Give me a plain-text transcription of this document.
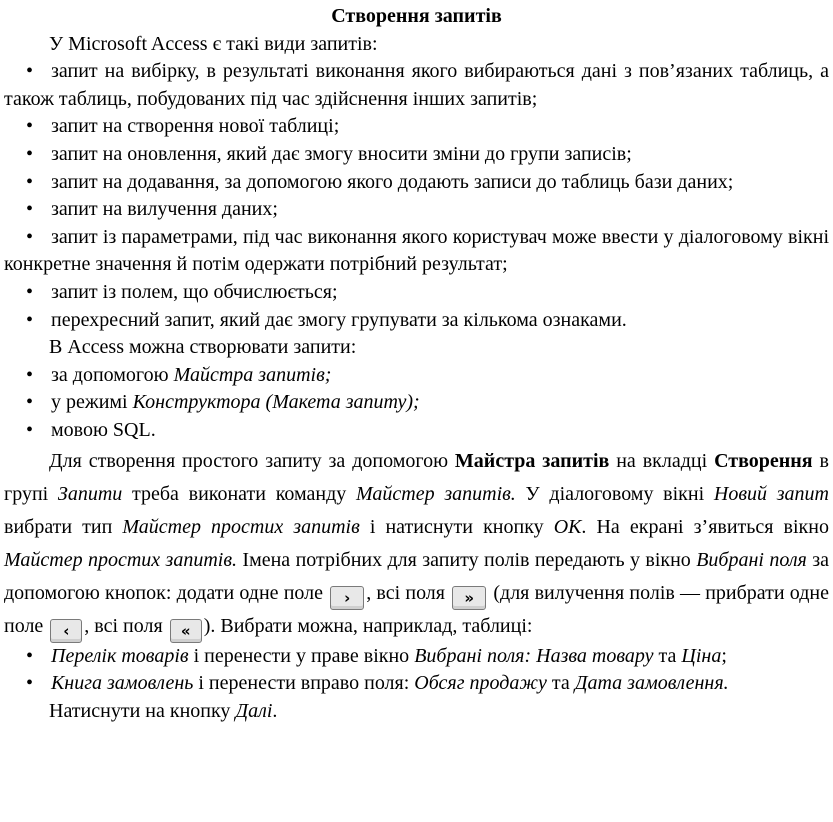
Створення запитів

У Microsoft Access є такі види запитів:

• запит на вибірку, в результаті виконання якого вибираються дані з пов’язаних таблиць, а також таблиць, побудованих під час здійснення інших запитів;

• запит на створення нової таблиці;

• запит на оновлення, який дає змогу вносити зміни до групи записів;

• запит на додавання, за допомогою якого додають записи до таблиць бази даних;

• запит на вилучення даних;

• запит із параметрами, під час виконання якого користувач може ввести у діалоговому вікні конкретне значення й потім одержати потрібний результат;

• запит із полем, що обчислюється;

• перехресний запит, який дає змогу групувати за кількома ознаками.

В Access можна створювати запити:

• за допомогою Майстра запитів;

• у режимі Конструктора (Макета запиту);

• мовою SQL.

Для створення простого запиту за допомогою Майстра запитів на вкладці Створення в групі Запити треба виконати команду Майстер запитів. У діалоговому вікні Новий запит вибрати тип Майстер простих запитів і натиснути кнопку ОК. На екрані з’явиться вікно Майстер простих запитів. Імена потрібних для запиту полів передають у вікно Вибрані поля за допомогою кнопок: додати одне поле › , всі поля » (для вилучення полів — прибрати одне поле ‹ , всі поля « ). Вибрати можна, наприклад, таблиці:

• Перелік товарів і перенести у праве вікно Вибрані поля: Назва товару та Ціна;

• Книга замовлень і перенести вправо поля: Обсяг продажу та Дата замовлення.

Натиснути на кнопку Далі.
